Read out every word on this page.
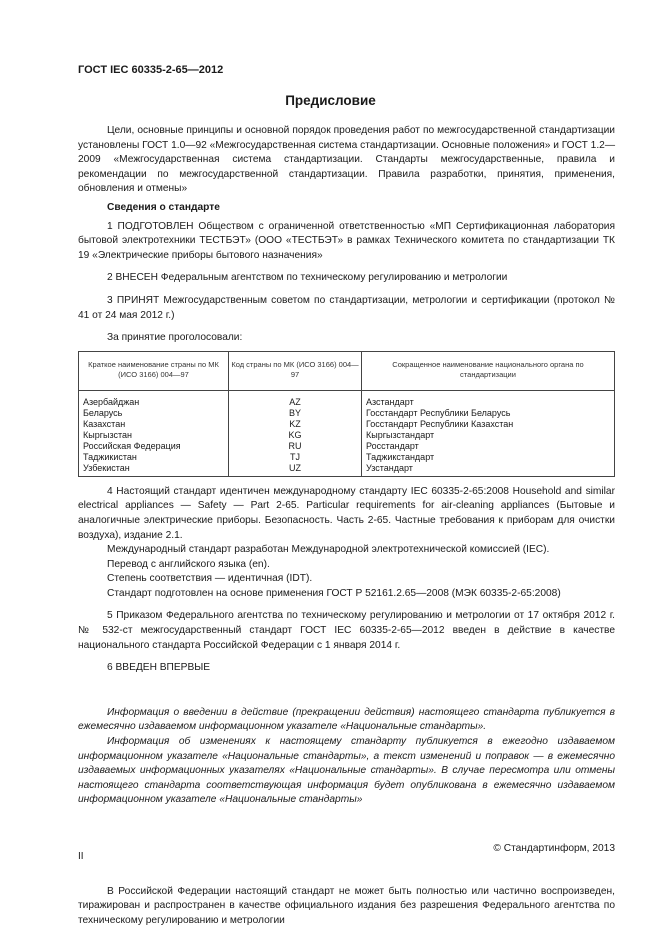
ГОСТ IEC 60335-2-65—2012
Предисловие

Цели, основные принципы и основной порядок проведения работ по межгосударственной стандартизации установлены ГОСТ 1.0—92 «Межгосударственная система стандартизации. Основные положения» и ГОСТ 1.2—2009 «Межгосударственная система стандартизации. Стандарты межгосударственные, правила и рекомендации по межгосударственной стандартизации. Правила разработки, принятия, применения, обновления и отмены»

Сведения о стандарте

1 ПОДГОТОВЛЕН Обществом с ограниченной ответственностью «МП Сертификационная лаборатория бытовой электротехники ТЕСТБЭТ» (ООО «ТЕСТБЭТ» в рамках Технического комитета по стандартизации ТК 19 «Электрические приборы бытового назначения»

2 ВНЕСЕН Федеральным агентством по техническому регулированию и метрологии

3 ПРИНЯТ Межгосударственным советом по стандартизации, метрологии и сертификации (протокол № 41 от 24 мая 2012 г.)

За принятие проголосовали:

Краткое наименование страны по МК (ИСО 3166) 004—97	Код страны по МК (ИСО 3166) 004—97	Сокращенное наименование национального органа по стандартизации
Азербайджан	AZ	Азстандарт
Беларусь	BY	Госстандарт Республики Беларусь
Казахстан	KZ	Госстандарт Республики Казахстан
Кыргызстан	KG	Кыргызстандарт
Российская Федерация	RU	Росстандарт
Таджикистан	TJ	Таджикстандарт
Узбекистан	UZ	Узстандарт

4 Настоящий стандарт идентичен международному стандарту IEC 60335-2-65:2008 Household and similar electrical appliances — Safety — Part 2-65. Particular requirements for air-cleaning appliances (Бытовые и аналогичные электрические приборы. Безопасность. Часть 2-65. Частные требования к приборам для очистки воздуха), издание 2.1.

Международный стандарт разработан Международной электротехнической комиссией (IEC).

Перевод с английского языка (en).

Степень соответствия — идентичная (IDT).

Стандарт подготовлен на основе применения ГОСТ Р 52161.2.65—2008 (МЭК 60335-2-65:2008)

5 Приказом Федерального агентства по техническому регулированию и метрологии от 17 октября 2012 г. № 532-ст межгосударственный стандарт ГОСТ IEC 60335-2-65—2012 введен в действие в качестве национального стандарта Российской Федерации с 1 января 2014 г.

6 ВВЕДЕН ВПЕРВЫЕ

Информация о введении в действие (прекращении действия) настоящего стандарта публикуется в ежемесячно издаваемом информационном указателе «Национальные стандарты».

Информация об изменениях к настоящему стандарту публикуется в ежегодно издаваемом информационном указателе «Национальные стандарты», а текст изменений и поправок — в ежемесячно издаваемых информационных указателях «Национальные стандарты». В случае пересмотра или отмены настоящего стандарта соответствующая информация будет опубликована в ежемесячно издаваемом информационном указателе «Национальные стандарты»

© Стандартинформ, 2013

В Российской Федерации настоящий стандарт не может быть полностью или частично воспроизведен, тиражирован и распространен в качестве официального издания без разрешения Федерального агентства по техническому регулированию и метрологии

II
